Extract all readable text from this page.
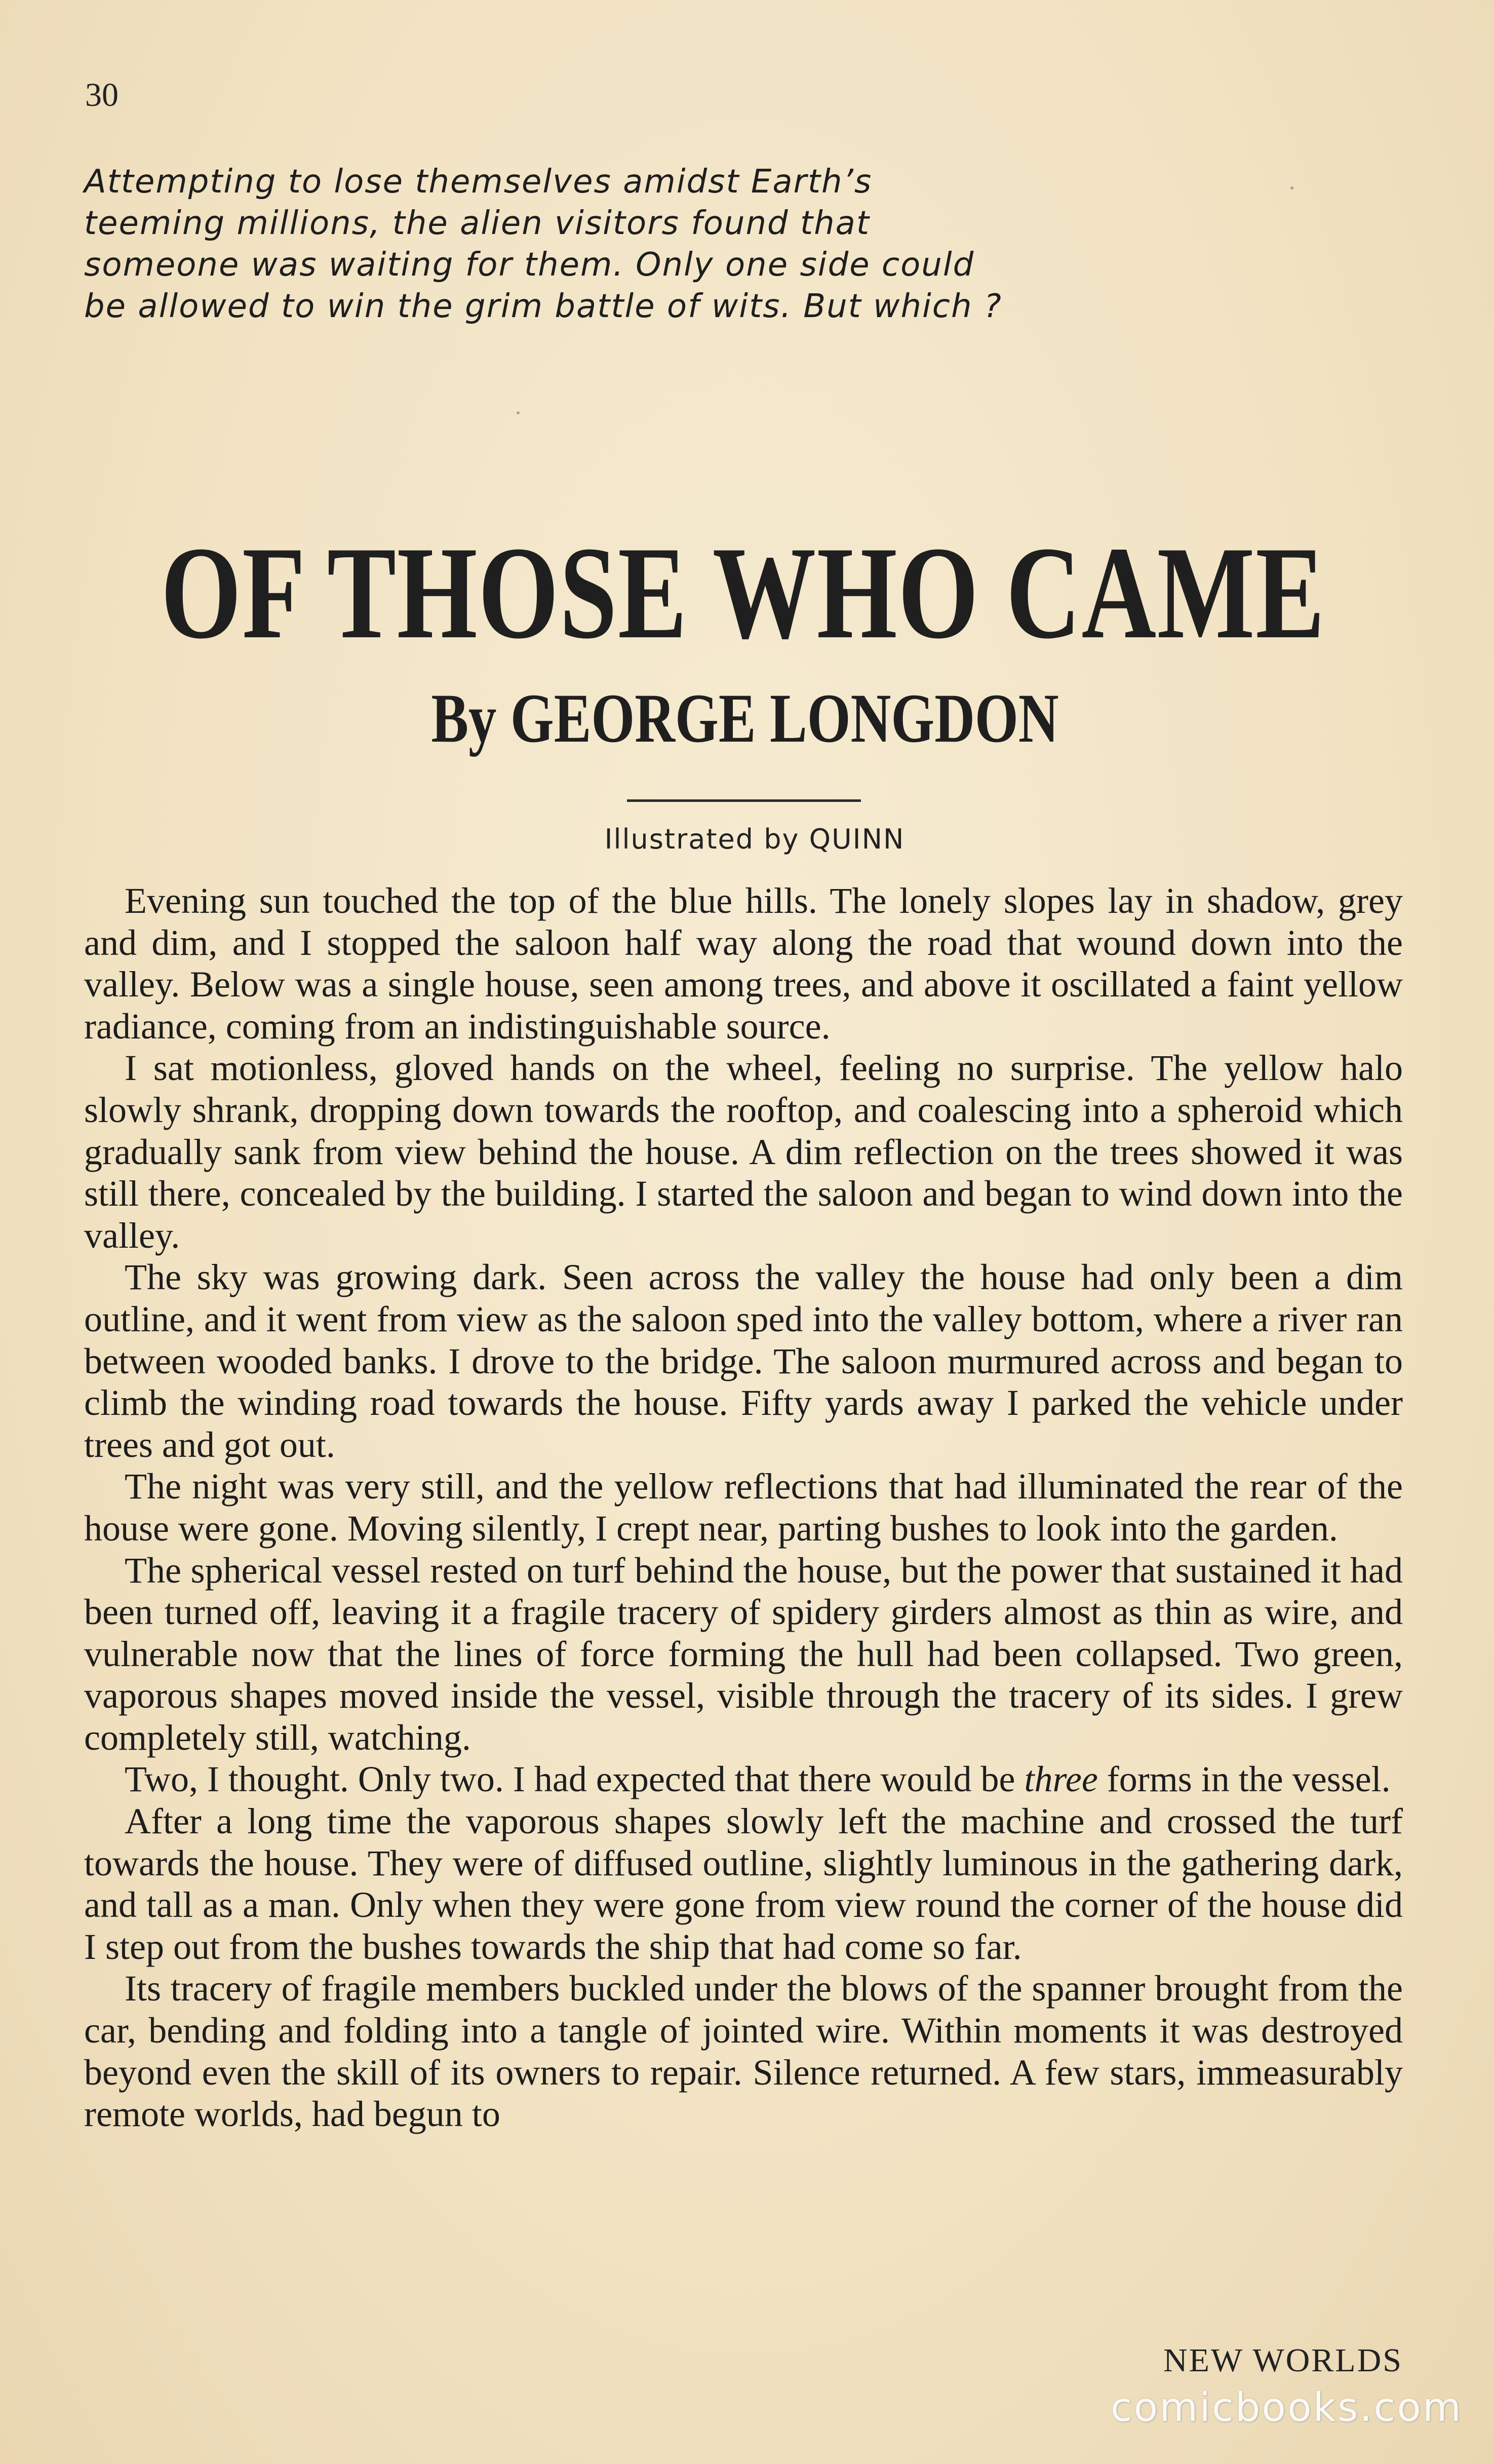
30
Attempting to lose themselves amidst Earth’s teeming millions, the alien visitors found that someone was waiting for them. Only one side could be allowed to win the grim battle of wits. But which ?
OF THOSE WHO CAME
By GEORGE LONGDON
Illustrated by QUINN

Evening sun touched the top of the blue hills. The lonely slopes lay in shadow, grey and dim, and I stopped the saloon half way along the road that wound down into the valley. Below was a single house, seen among trees, and above it oscillated a faint yellow radiance, coming from an indistinguishable source.

I sat motionless, gloved hands on the wheel, feeling no surprise. The yellow halo slowly shrank, dropping down towards the rooftop, and coalescing into a spheroid which gradually sank from view behind the house. A dim reflection on the trees showed it was still there, concealed by the building. I started the saloon and began to wind down into the valley.

The sky was growing dark. Seen across the valley the house had only been a dim outline, and it went from view as the saloon sped into the valley bottom, where a river ran between wooded banks. I drove to the bridge. The saloon murmured across and began to climb the winding road towards the house. Fifty yards away I parked the vehicle under trees and got out.

The night was very still, and the yellow reflections that had illuminated the rear of the house were gone. Moving silently, I crept near, parting bushes to look into the garden.

The spherical vessel rested on turf behind the house, but the power that sustained it had been turned off, leaving it a fragile tracery of spidery girders almost as thin as wire, and vulnerable now that the lines of force forming the hull had been collapsed. Two green, vaporous shapes moved inside the vessel, visible through the tracery of its sides. I grew completely still, watching.

Two, I thought. Only two. I had expected that there would be three forms in the vessel.

After a long time the vaporous shapes slowly left the machine and crossed the turf towards the house. They were of diffused outline, slightly luminous in the gathering dark, and tall as a man. Only when they were gone from view round the corner of the house did I step out from the bushes towards the ship that had come so far.

Its tracery of fragile members buckled under the blows of the spanner brought from the car, bending and folding into a tangle of jointed wire. Within moments it was destroyed beyond even the skill of its owners to repair. Silence returned. A few stars, immeasurably remote worlds, had begun to

NEW WORLDS
comicbooks.com
